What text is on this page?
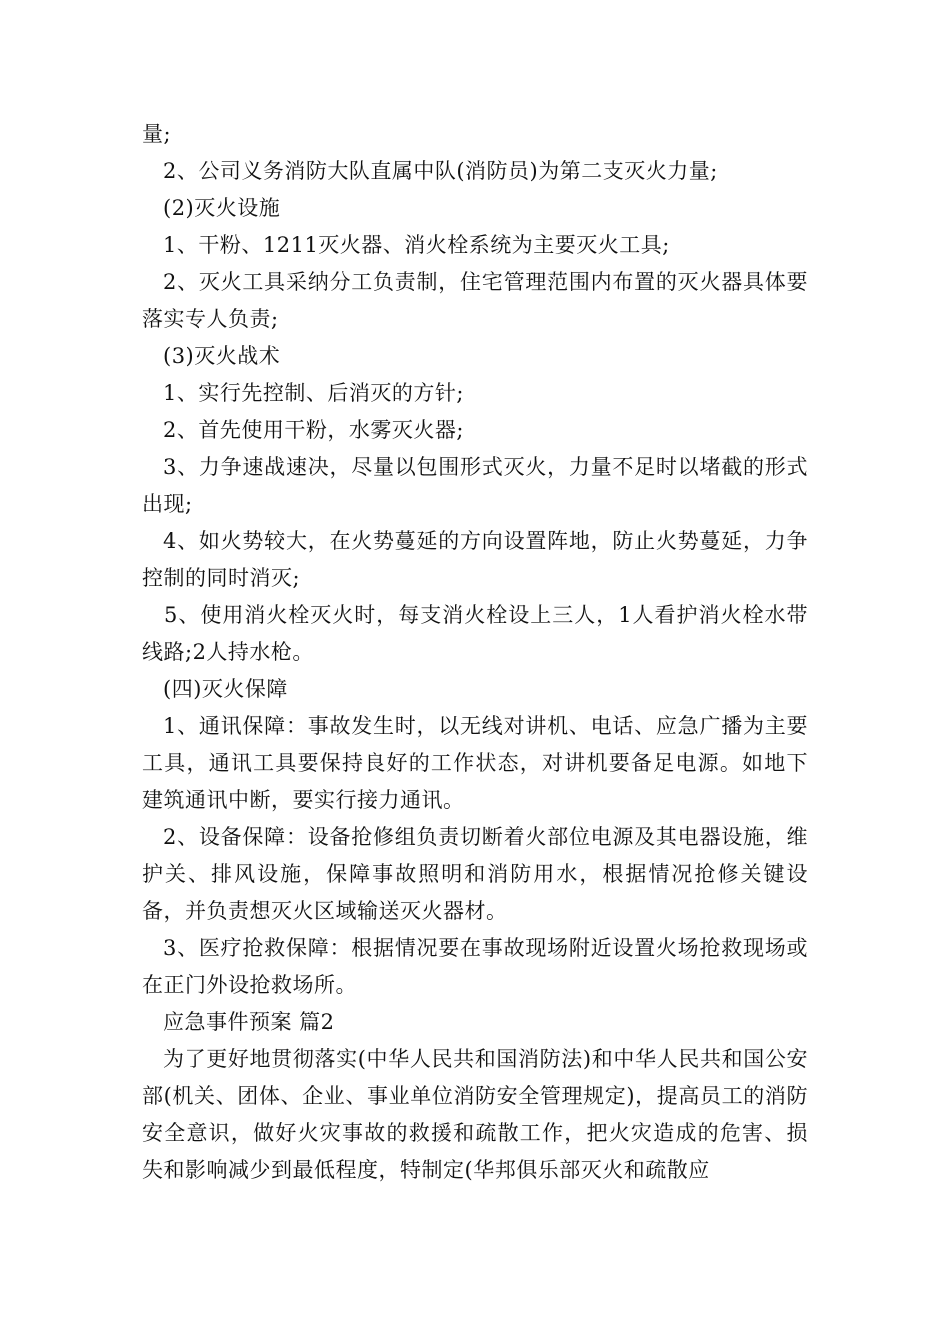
量;

2、公司义务消防大队直属中队(消防员)为第二支灭火力量;

(2)灭火设施

1、干粉、1211灭火器、消火栓系统为主要灭火工具;

2、灭火工具采纳分工负责制，住宅管理范围内布置的灭火器具体要落实专人负责;

(3)灭火战术

1、实行先控制、后消灭的方针;

2、首先使用干粉，水雾灭火器;

3、力争速战速决，尽量以包围形式灭火，力量不足时以堵截的形式出现;

4、如火势较大，在火势蔓延的方向设置阵地，防止火势蔓延，力争控制的同时消灭;

5、使用消火栓灭火时，每支消火栓设上三人，1人看护消火栓水带线路;2人持水枪。

(四)灭火保障

1、通讯保障：事故发生时，以无线对讲机、电话、应急广播为主要工具，通讯工具要保持良好的工作状态，对讲机要备足电源。如地下建筑通讯中断，要实行接力通讯。

2、设备保障：设备抢修组负责切断着火部位电源及其电器设施，维护关、排风设施，保障事故照明和消防用水，根据情况抢修关键设备，并负责想灭火区域输送灭火器材。

3、医疗抢救保障：根据情况要在事故现场附近设置火场抢救现场或在正门外设抢救场所。

应急事件预案 篇2

为了更好地贯彻落实(中华人民共和国消防法)和中华人民共和国公安部(机关、团体、企业、事业单位消防安全管理规定)，提高员工的消防安全意识，做好火灾事故的救援和疏散工作，把火灾造成的危害、损失和影响减少到最低程度，特制定(华邦俱乐部灭火和疏散应
